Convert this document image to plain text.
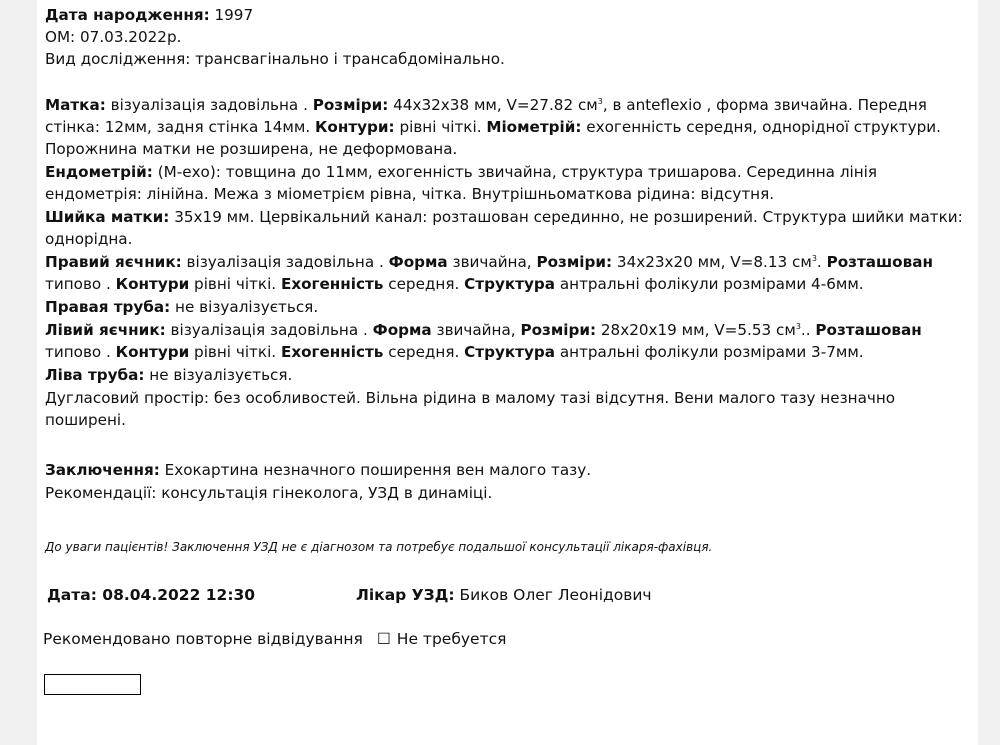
Дата народження: 1997

ОМ: 07.03.2022р.

Вид дослідження: трансвагінально і трансабдомінально.

Матка: візуалізація задовільна . Розміри: 44х32х38 мм, V=27.82 $см^3$, в anteflexio , форма звичайна. Передня стінка: 12мм, задня стінка 14мм. Контури: рівні чіткі. Міометрій: ехогенність середня, однорідної структури. Порожнина матки не розширена, не деформована.

Ендометрій: (М-ехо): товщина до 11мм, ехогенність звичайна, структура тришарова. Серединна лінія ендометрія: лінійна. Межа з міометрієм рівна, чітка. Внутрішньоматкова рідина: відсутня.

Шийка матки: 35х19 мм. Цервікальний канал: розташован серединно, не розширений. Структура шийки матки: однорідна.

Правий яєчник: візуалізація задовільна . Форма звичайна, Розміри: 34х23х20 мм, V=8.13 $см^3$. Розташован типово . Контури рівні чіткі. Exoгенність середня. Структура антральні фолікули розмірами 4-6мм.

Правая труба: не візуалізується.

Лівий яєчник: візуалізація задовільна . Форма звичайна, Розміри: 28х20х19 мм, V=5.53 $см^3$.. Розташован типово . Контури рівні чіткі. Exoгенність середня. Структура антральні фолікули розмірами 3-7мм.

Ліва труба: не візуалізується.

Дугласовий простір: без особливостей. Вільна рідина в малому тазі відсутня. Вени малого тазу незначно поширені.

Заключення: Ехокартина незначного поширення вен малого тазу.

Рекомендації: консультація гінеколога, УЗД в динаміці.

До уваги пацієнтів! Заключення УЗД не є діагнозом та потребує подальшої консультації лікаря-фахівця.
Дата: 08.04.2022 12:30	Лікар УЗД: Биков Олег Леонідович
Рекомендовано повторне відвідування ☐ Не требуется
